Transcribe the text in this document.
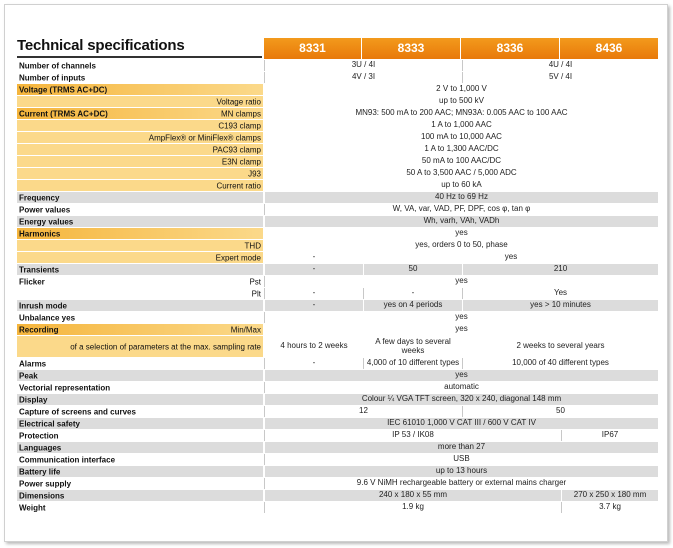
Technical specifications	8331	8333	8336	8436
Number of channels	3U / 4I	4U / 4I
Number of inputs	4V / 3I	5V / 4I
Voltage (TRMS AC+DC)	2 V to 1,000 V
Voltage ratio	up to 500 kV
Current (TRMS AC+DC)	MN clamps	MN93: 500 mA to 200 AAC; MN93A: 0.005 AAC to 100 AAC
C193 clamp	1 A to 1,000 AAC
AmpFlex® or MiniFlex® clamps	100 mA to 10,000 AAC
PAC93 clamp	1 A to 1,300 AAC/DC
E3N clamp	50 mA to 100 AAC/DC
J93	50 A to 3,500 AAC / 5,000 ADC
Current ratio	up to 60 kA
Frequency	40 Hz to 69 Hz
Power values	W, VA, var, VAD, PF, DPF, cos φ, tan φ
Energy values	Wh, varh, VAh, VADh
Harmonics	yes
THD	yes, orders 0 to 50, phase
Expert mode	-	yes
Transients	-	50	210
Flicker	Pst	yes
Plt	-	-	Yes
Inrush mode	-	yes on 4 periods	yes > 10 minutes
Unbalance yes	yes
Recording	Min/Max	yes
of a selection of parameters at the max. sampling rate	4 hours to 2 weeks	A few days to several weeks	2 weeks to several years
Alarms	-	4,000 of 10 different types	10,000 of 40 different types
Peak	yes
Vectorial representation	automatic
Display	Colour ¼ VGA TFT screen, 320 x 240, diagonal 148 mm
Capture of screens and curves	12	50
Electrical safety	IEC 61010 1,000 V CAT III / 600 V CAT IV
Protection	IP 53 / IK08	IP67
Languages	more than 27
Communication interface	USB
Battery life	up to 13 hours
Power supply	9.6 V NiMH rechargeable battery or external mains charger
Dimensions	240 x 180 x 55 mm	270 x 250 x 180 mm
Weight	1.9 kg	3.7 kg
